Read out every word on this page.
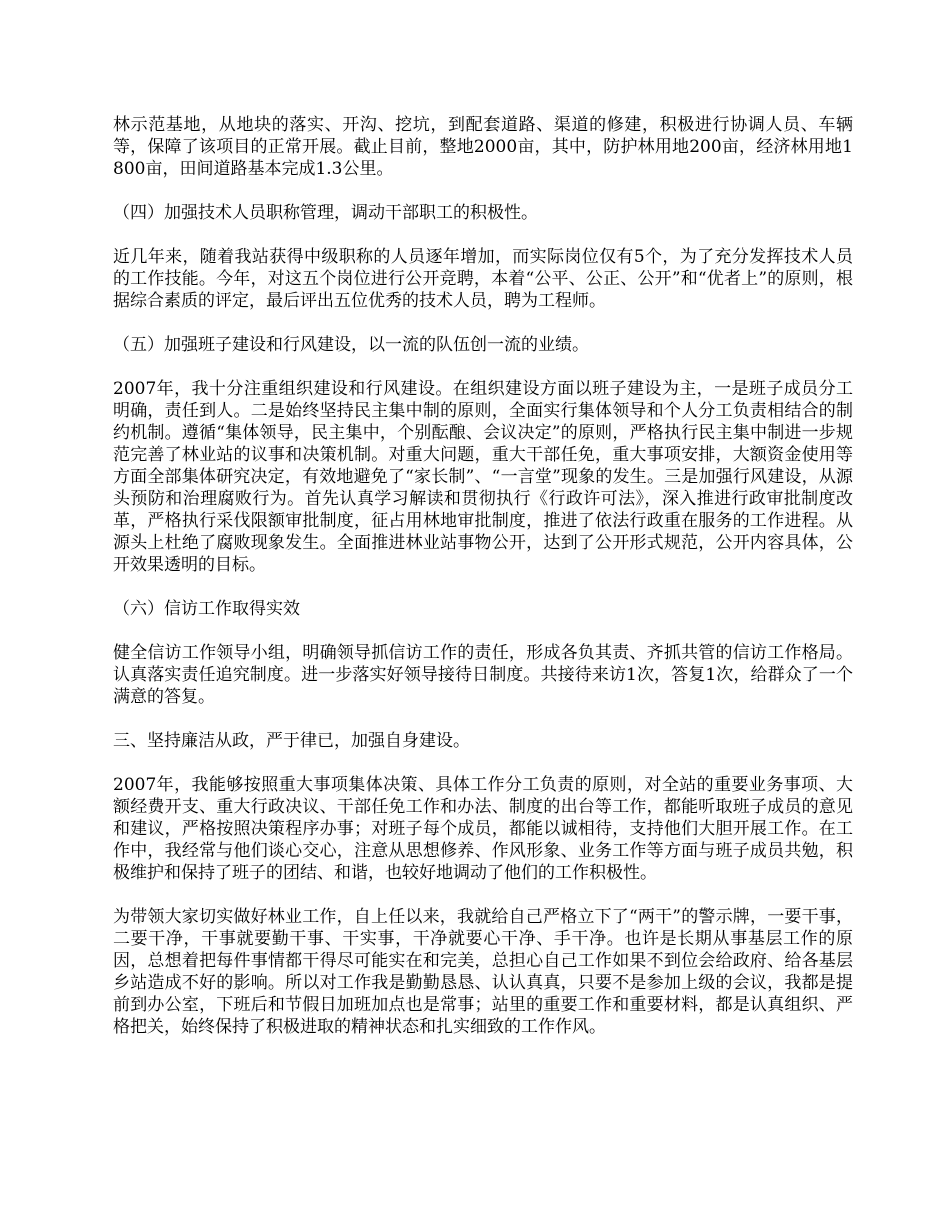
林示范基地，从地块的落实、开沟、挖坑，到配套道路、渠道的修建，积极进行协调人员、车辆等，保障了该项目的正常开展。截止目前，整地2000亩，其中，防护林用地200亩，经济林用地1800亩，田间道路基本完成1.3公里。

（四）加强技术人员职称管理，调动干部职工的积极性。

近几年来，随着我站获得中级职称的人员逐年增加，而实际岗位仅有5个，为了充分发挥技术人员的工作技能。今年，对这五个岗位进行公开竞聘，本着“公平、公正、公开”和“优者上”的原则，根据综合素质的评定，最后评出五位优秀的技术人员，聘为工程师。

（五）加强班子建设和行风建设，以一流的队伍创一流的业绩。

2007年，我十分注重组织建设和行风建设。在组织建设方面以班子建设为主，一是班子成员分工明确，责任到人。二是始终坚持民主集中制的原则，全面实行集体领导和个人分工负责相结合的制约机制。遵循“集体领导，民主集中，个别酝酿、会议决定”的原则，严格执行民主集中制进一步规范完善了林业站的议事和决策机制。对重大问题，重大干部任免，重大事项安排，大额资金使用等方面全部集体研究决定，有效地避免了“家长制”、“一言堂”现象的发生。三是加强行风建设，从源头预防和治理腐败行为。首先认真学习解读和贯彻执行《行政许可法》，深入推进行政审批制度改革，严格执行采伐限额审批制度，征占用林地审批制度，推进了依法行政重在服务的工作进程。从源头上杜绝了腐败现象发生。全面推进林业站事物公开，达到了公开形式规范，公开内容具体，公开效果透明的目标。

（六）信访工作取得实效

健全信访工作领导小组，明确领导抓信访工作的责任，形成各负其责、齐抓共管的信访工作格局。认真落实责任追究制度。进一步落实好领导接待日制度。共接待来访1次，答复1次，给群众了一个满意的答复。

三、坚持廉洁从政，严于律已，加强自身建设。

2007年，我能够按照重大事项集体决策、具体工作分工负责的原则，对全站的重要业务事项、大额经费开支、重大行政决议、干部任免工作和办法、制度的出台等工作，都能听取班子成员的意见和建议，严格按照决策程序办事；对班子每个成员，都能以诚相待，支持他们大胆开展工作。在工作中，我经常与他们谈心交心，注意从思想修养、作风形象、业务工作等方面与班子成员共勉，积极维护和保持了班子的团结、和谐，也较好地调动了他们的工作积极性。

为带领大家切实做好林业工作，自上任以来，我就给自己严格立下了“两干”的警示牌，一要干事，二要干净，干事就要勤干事、干实事，干净就要心干净、手干净。也许是长期从事基层工作的原因，总想着把每件事情都干得尽可能实在和完美，总担心自己工作如果不到位会给政府、给各基层乡站造成不好的影响。所以对工作我是勤勤恳恳、认认真真，只要不是参加上级的会议，我都是提前到办公室，下班后和节假日加班加点也是常事；站里的重要工作和重要材料，都是认真组织、严格把关，始终保持了积极进取的精神状态和扎实细致的工作作风。
